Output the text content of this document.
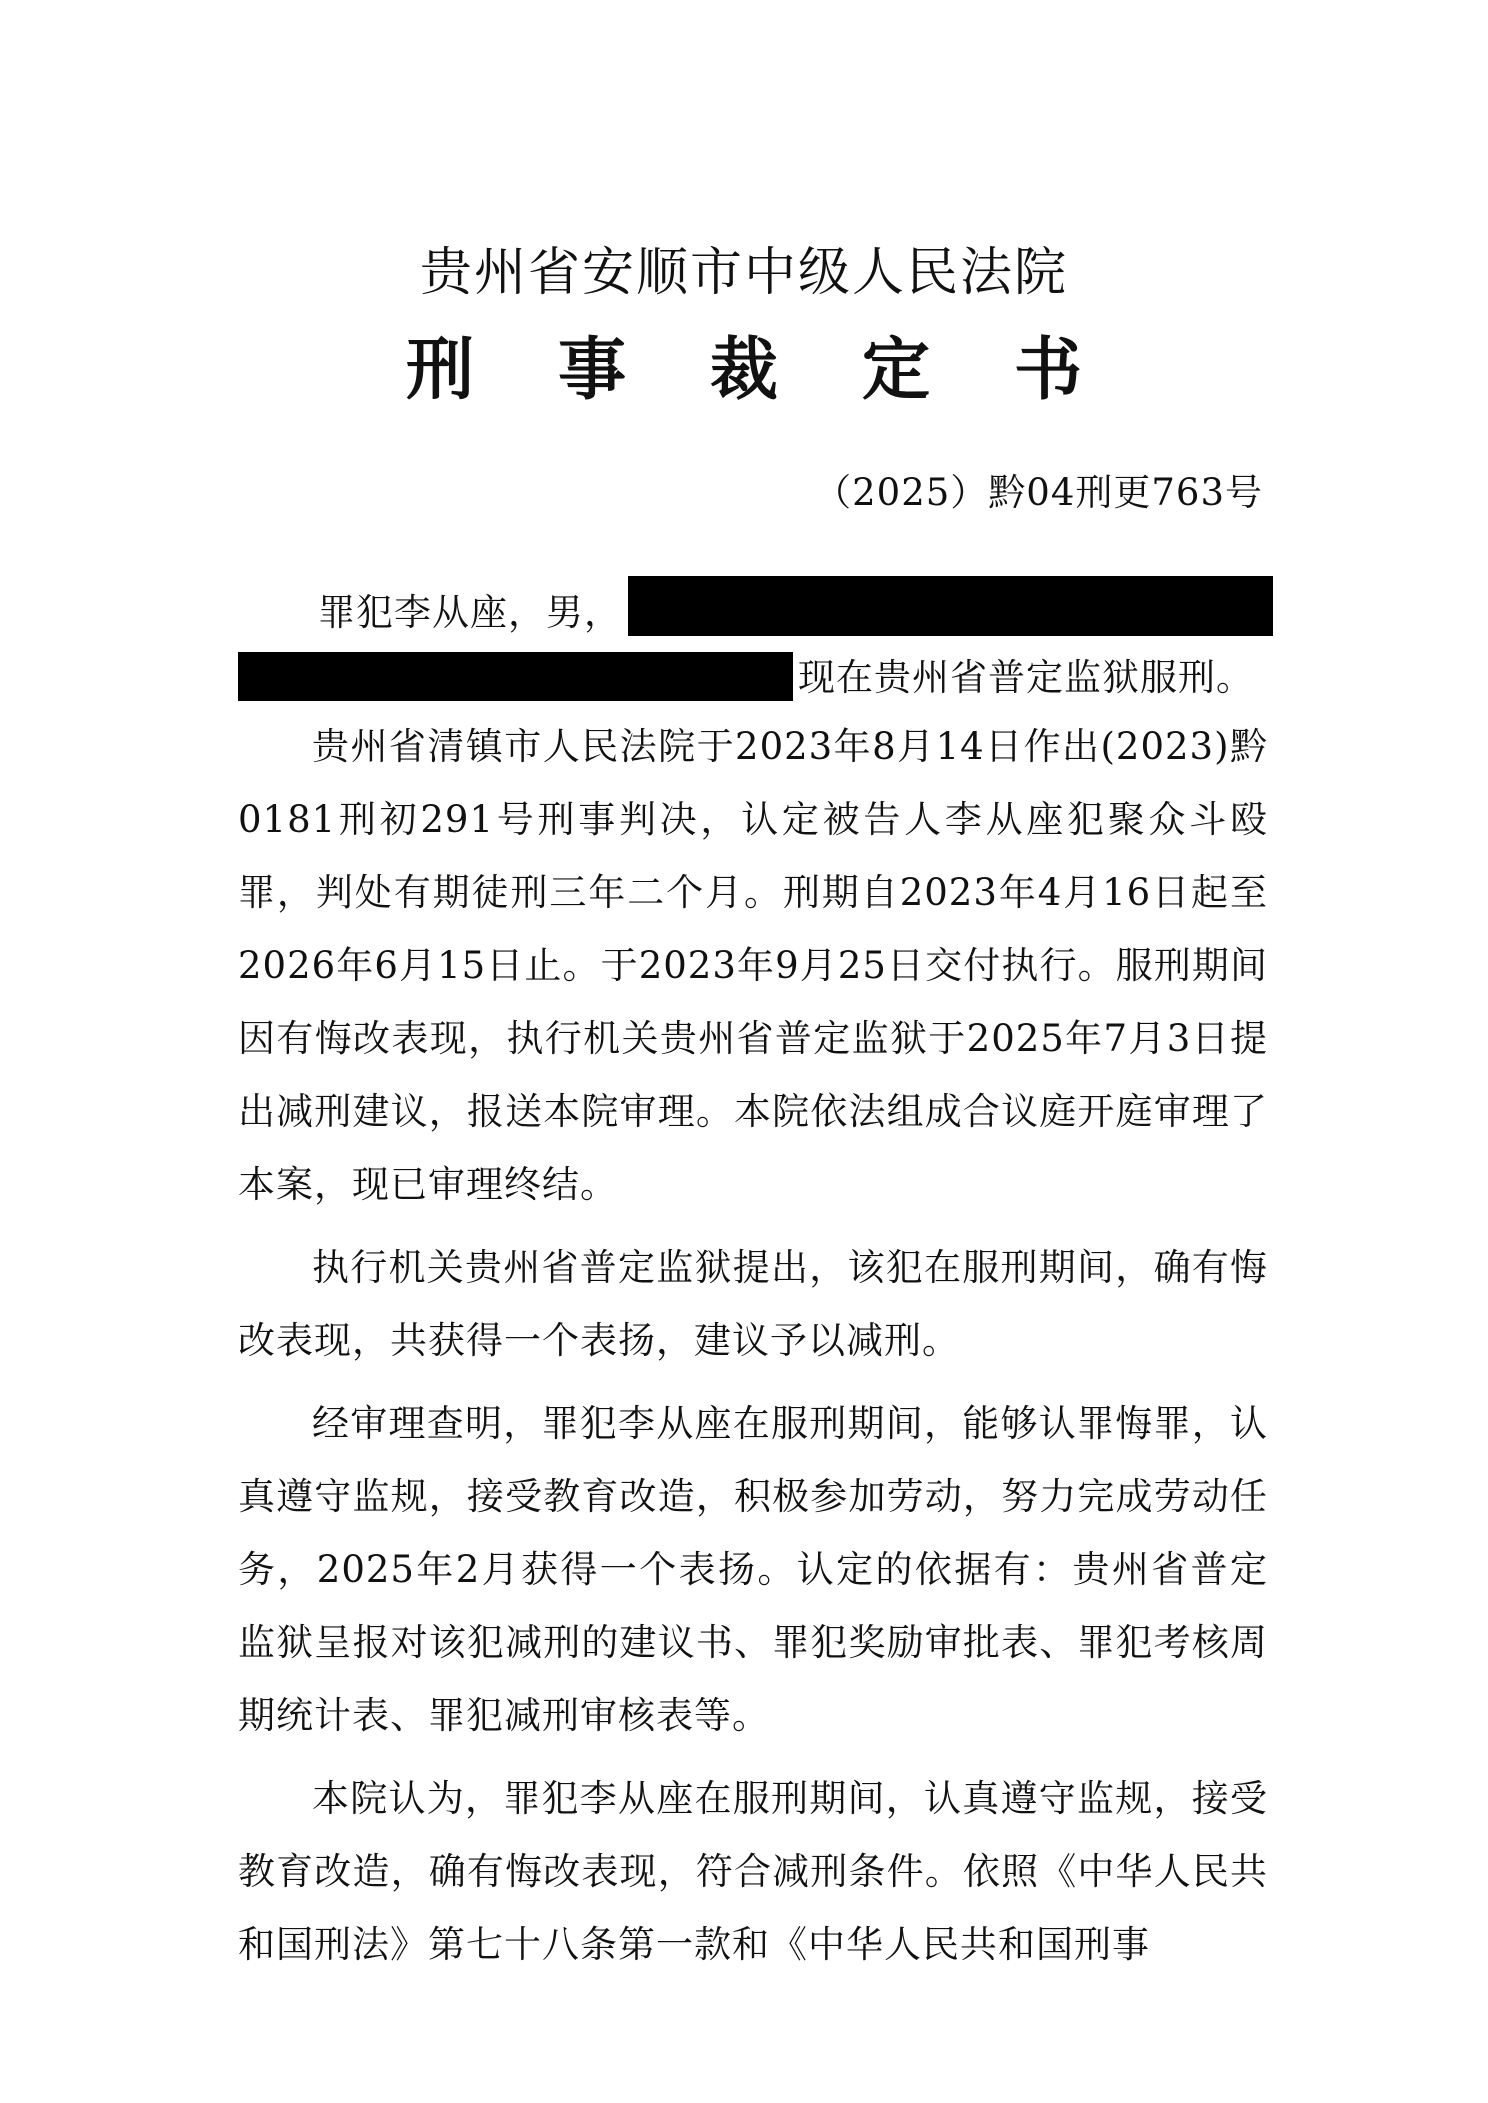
贵州省安顺市中级人民法院
刑 事 裁 定 书
（2025）黔04刑更763号
罪犯李从座，男，
现在贵州省普定监狱服刑。

贵州省清镇市人民法院于2023年8月14日作出(2023)黔0181刑初291号刑事判决，认定被告人李从座犯聚众斗殴罪，判处有期徒刑三年二个月。刑期自2023年4月16日起至2026年6月15日止。于2023年9月25日交付执行。服刑期间因有悔改表现，执行机关贵州省普定监狱于2025年7月3日提出减刑建议，报送本院审理。本院依法组成合议庭开庭审理了本案，现已审理终结。

执行机关贵州省普定监狱提出，该犯在服刑期间，确有悔改表现，共获得一个表扬，建议予以减刑。

经审理查明，罪犯李从座在服刑期间，能够认罪悔罪，认真遵守监规，接受教育改造，积极参加劳动，努力完成劳动任务，2025年2月获得一个表扬。认定的依据有：贵州省普定监狱呈报对该犯减刑的建议书、罪犯奖励审批表、罪犯考核周期统计表、罪犯减刑审核表等。

本院认为，罪犯李从座在服刑期间，认真遵守监规，接受教育改造，确有悔改表现，符合减刑条件。依照《中华人民共和国刑法》第七十八条第一款和《中华人民共和国刑事
